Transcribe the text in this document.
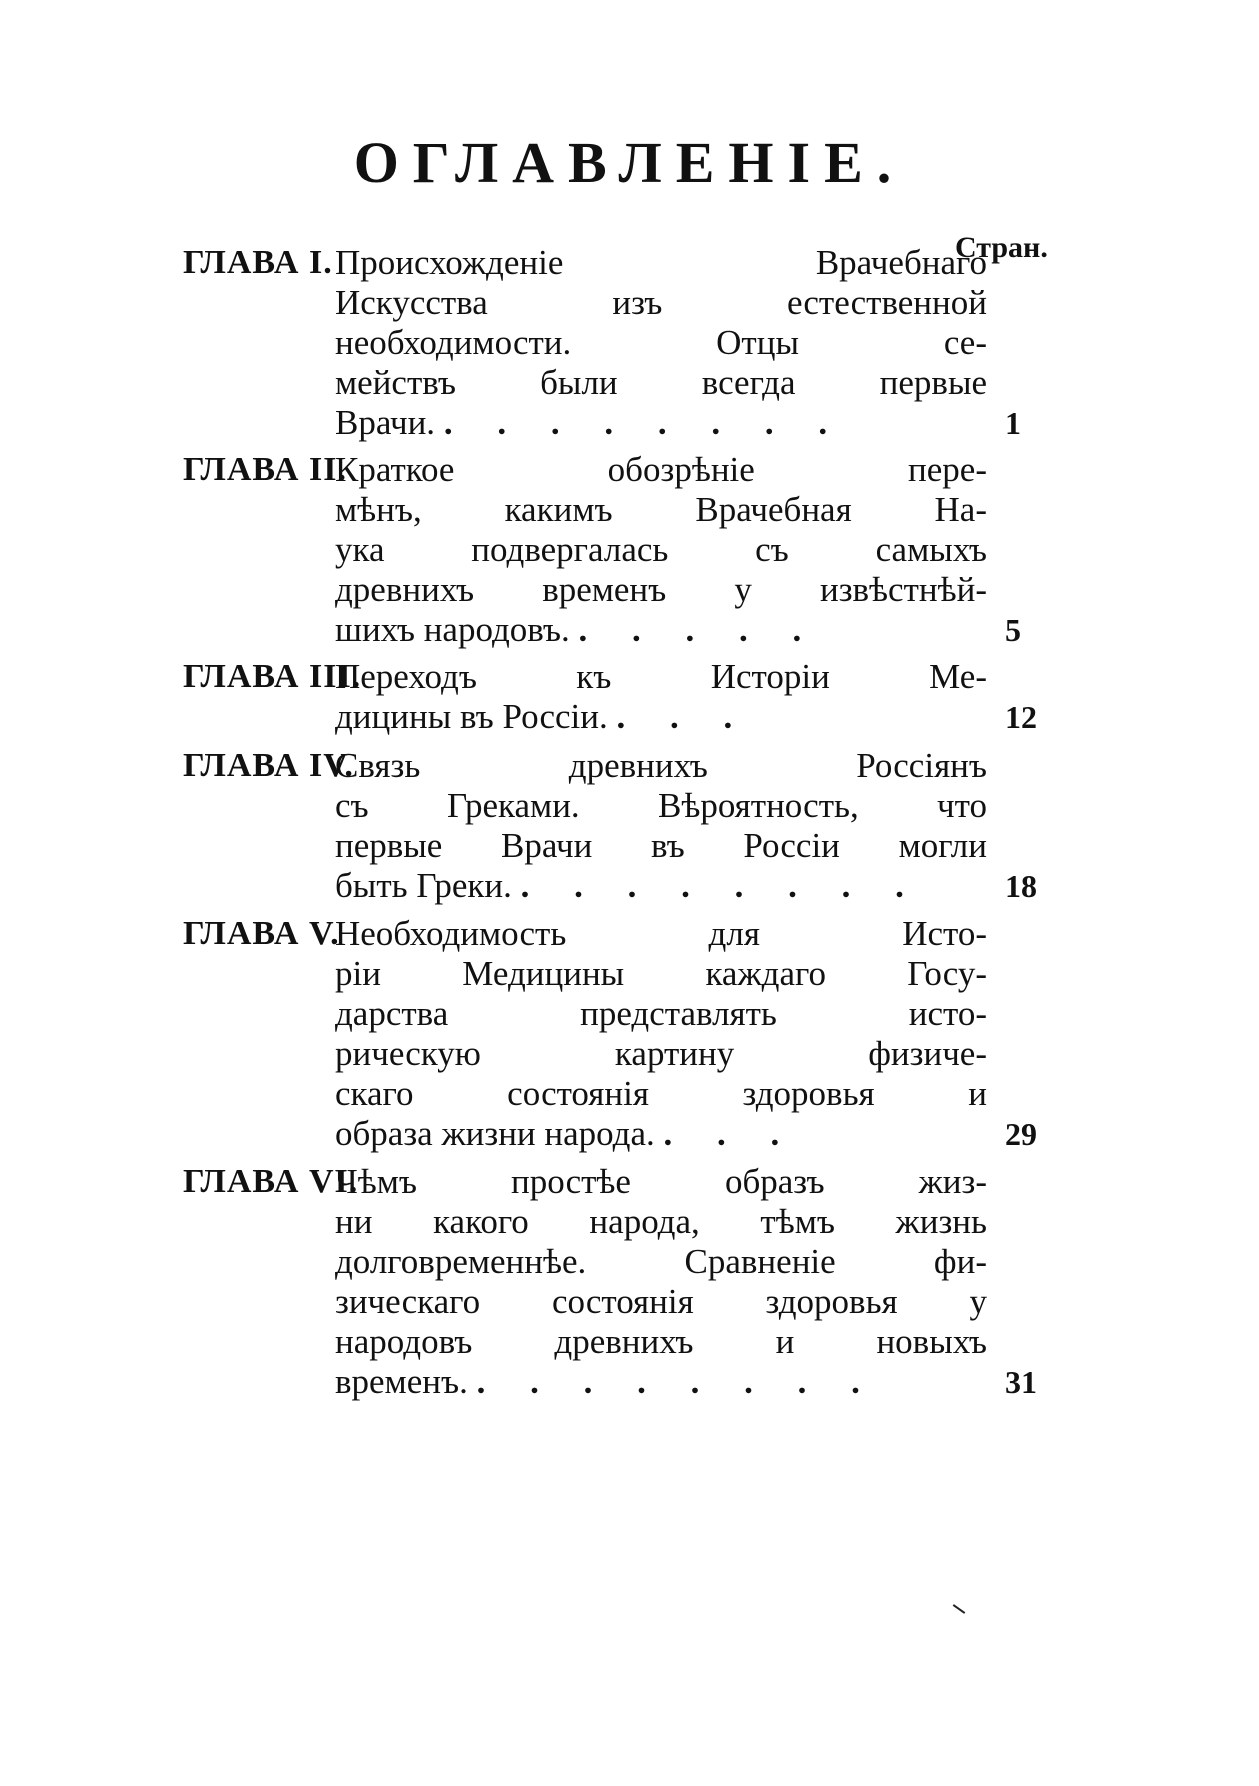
ОГЛАВЛЕНІЕ.
Стран.
ГЛАВА I. Происхожденіе Врачебнаго
Искусства изъ естественной
необходимости. Отцы се-
мействъ были всегда первые
Врачи. . . . . . . . .	1
ГЛАВА II.
Краткое обозрѣніе пере-
мѣнъ, какимъ Врачебная На-
ука подвергалась съ самыхъ
древнихъ временъ у извѣстнѣй-
шихъ народовъ. . . . . .	5
ГЛАВА III.
Переходъ къ Исторіи Ме-
дицины въ Россіи. . . .	12
ГЛАВА IV.
Связь древнихъ Россіянъ
съ Греками. Вѣроятность, что
первые Врачи въ Россіи могли
быть Греки. . . . . . . . .	18
ГЛАВА V.
Необходимость для Исто-
ріи Медицины каждаго Госу-
дарства представлять исто-
рическую картину физиче-
скаго состоянія здоровья и
образа жизни народа. . . .	29
ГЛАВА VI.
Чѣмъ простѣе образъ жиз-
ни какого народа, тѣмъ жизнь
долговременнѣе. Сравненіе фи-
зическаго состоянія здоровья у
народовъ древнихъ и новыхъ
временъ. . . . . . . . .	31
